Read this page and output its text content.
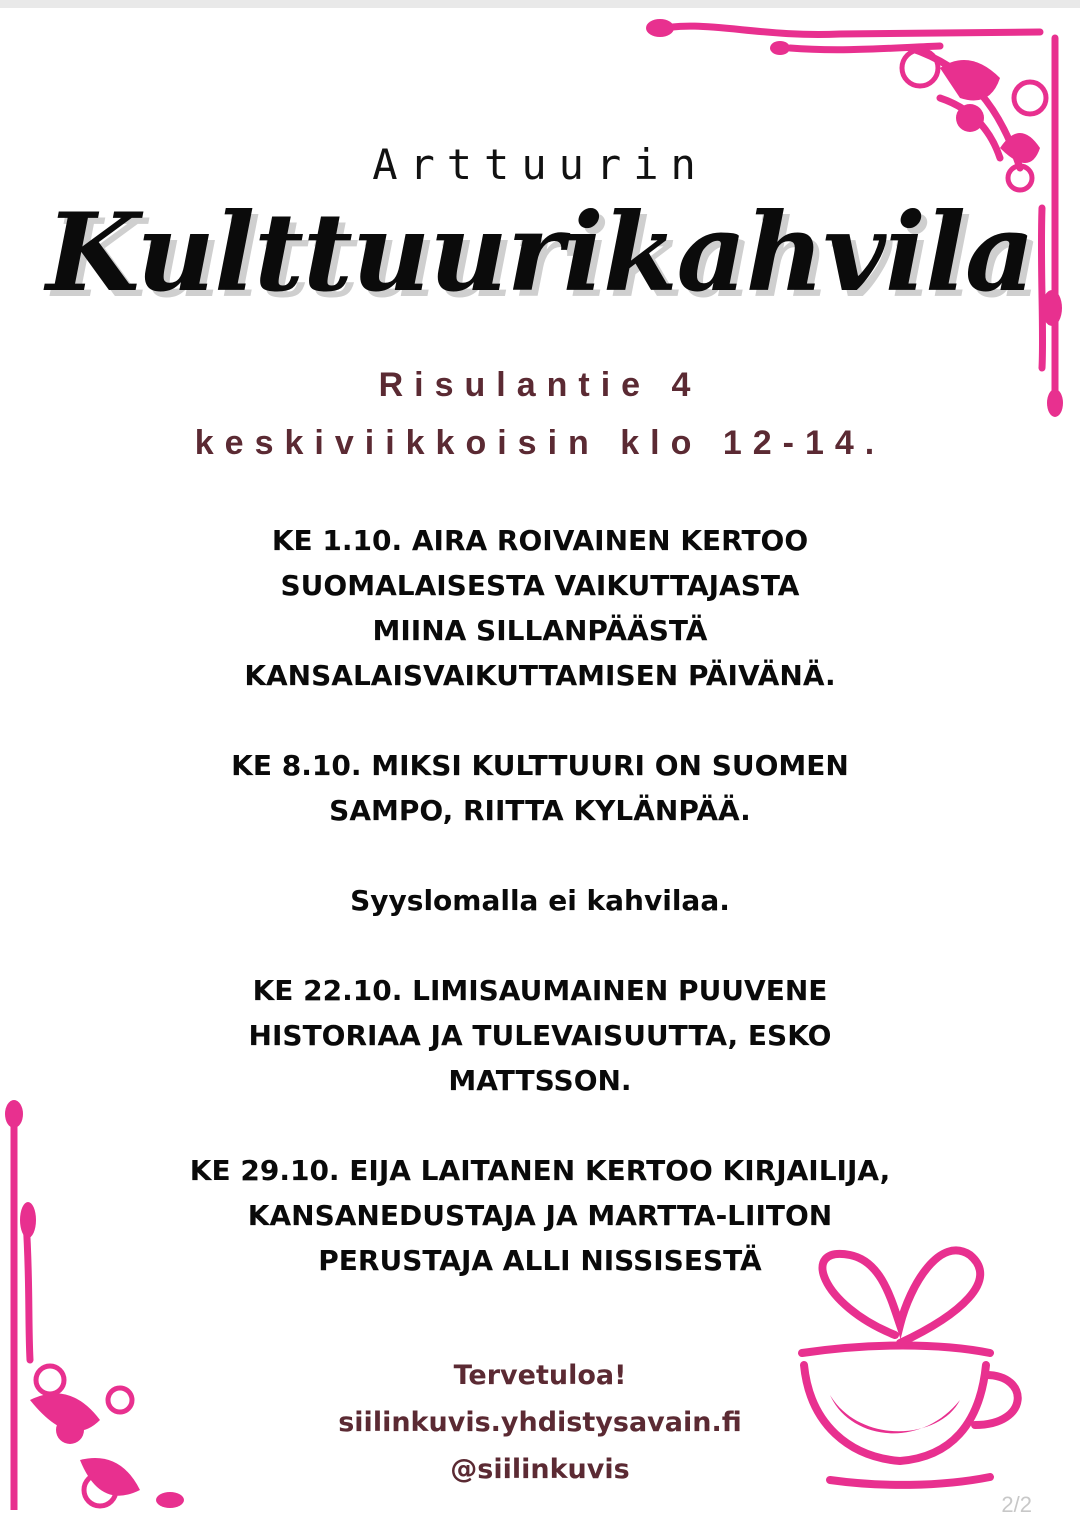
Arttuurin
Kulttuurikahvila
Risulantie 4
keskiviikkoisin klo 12-14.
KE 1.10. AIRA ROIVAINEN KERTOO
SUOMALAISESTA VAIKUTTAJASTA
MIINA SILLANPÄÄSTÄ
KANSALAISVAIKUTTAMISEN PÄIVÄNÄ.
KE 8.10. MIKSI KULTTUURI ON SUOMEN
SAMPO, RIITTA KYLÄNPÄÄ.
Syyslomalla ei kahvilaa.
KE 22.10. LIMISAUMAINEN PUUVENE
HISTORIAA JA TULEVAISUUTTA, ESKO
MATTSSON.
KE 29.10. EIJA LAITANEN KERTOO KIRJAILIJA,
KANSANEDUSTAJA JA MARTTA-LIITON
PERUSTAJA ALLI NISSISESTÄ
Tervetuloa!
siilinkuvis.yhdistysavain.fi
@siilinkuvis
2/2
